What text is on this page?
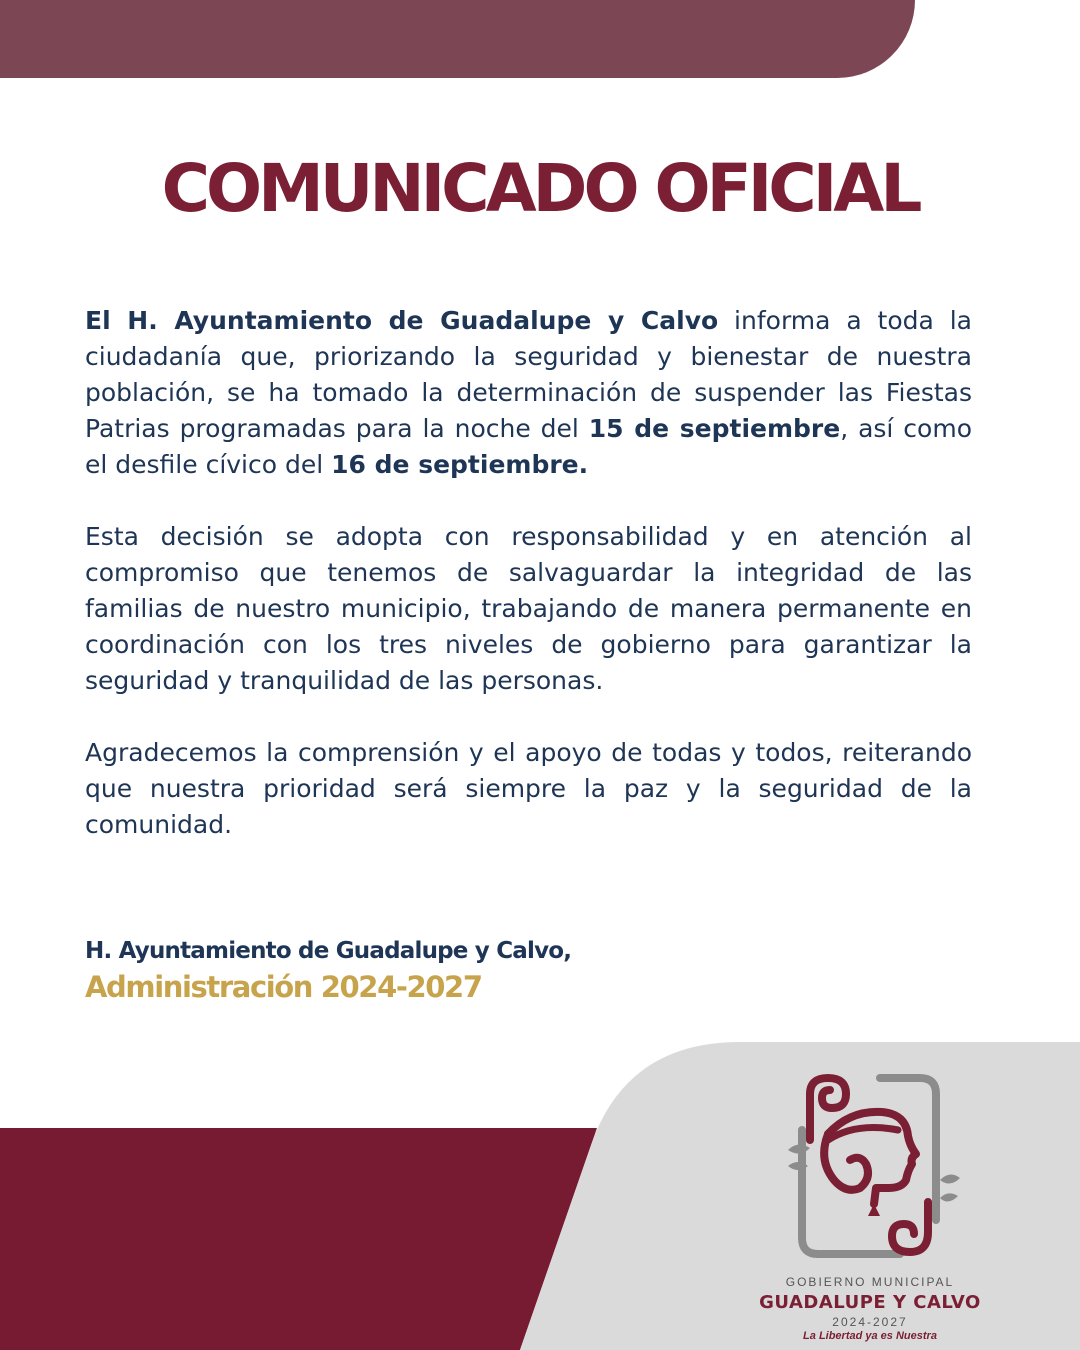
COMUNICADO OFICIAL

El H. Ayuntamiento de Guadalupe y Calvo informa a toda la ciudadanía que, priorizando la seguridad y bienestar de nuestra población, se ha tomado la determinación de suspender las Fiestas Patrias programadas para la noche del 15 de septiembre, así como el desfile cívico del 16 de septiembre.

Esta decisión se adopta con responsabilidad y en atención al compromiso que tenemos de salvaguardar la integridad de las familias de nuestro municipio, trabajando de manera permanente en coordinación con los tres niveles de gobierno para garantizar la seguridad y tranquilidad de las personas.

Agradecemos la comprensión y el apoyo de todas y todos, reiterando que nuestra prioridad será siempre la paz y la seguridad de la comunidad.

H. Ayuntamiento de Guadalupe y Calvo,
Administración 2024-2027
GOBIERNO MUNICIPAL
GUADALUPE Y CALVO
2024-2027
La Libertad ya es Nuestra
